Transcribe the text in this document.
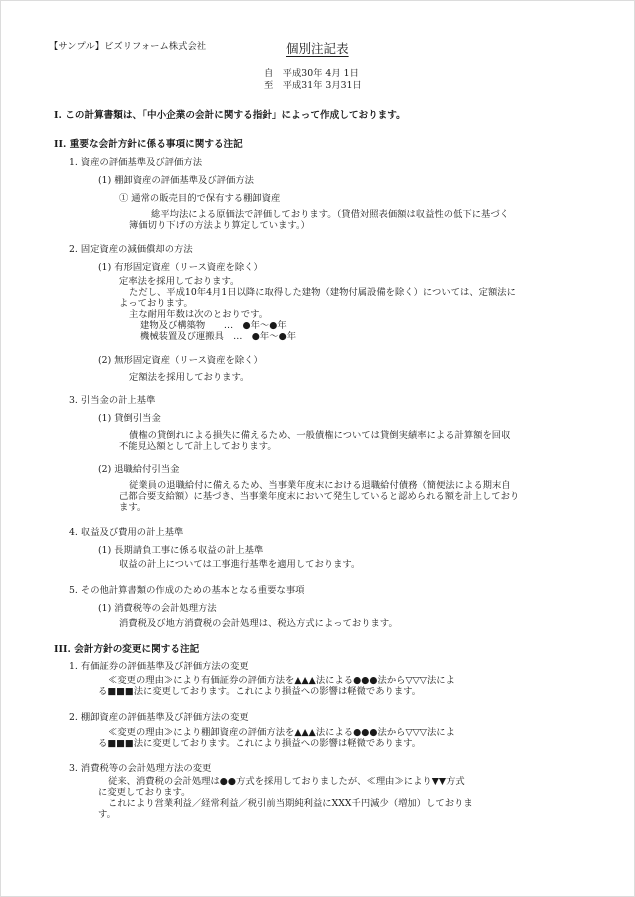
【サンプル】ビズリフォーム株式会社	個別注記表
自　平成30年 4月 1日
至　平成31年 3月31日
I. この計算書類は、「中小企業の会計に関する指針」によって作成しております。
II. 重要な会計方針に係る事項に関する注記
1. 資産の評価基準及び評価方法
(1) 棚卸資産の評価基準及び評価方法
① 通常の販売目的で保有する棚卸資産
総平均法による原価法で評価しております。（貸借対照表価額は収益性の低下に基づく
簿価切り下げの方法より算定しています。）
2. 固定資産の減価償却の方法
(1) 有形固定資産（リース資産を除く）
定率法を採用しております。
ただし、平成10年4月1日以降に取得した建物（建物付属設備を除く）については、定額法に
よっております。
主な耐用年数は次のとおりです。
建物及び構築物　　…　●年～●年
機械装置及び運搬具　…　●年～●年
(2) 無形固定資産（リース資産を除く）
定額法を採用しております。
3. 引当金の計上基準
(1) 貸倒引当金
債権の貸倒れによる損失に備えるため、一般債権については貸倒実績率による計算額を回収
不能見込額として計上しております。
(2) 退職給付引当金
従業員の退職給付に備えるため、当事業年度末における退職給付債務（簡便法による期末自
己都合要支給額）に基づき、当事業年度末において発生していると認められる額を計上しており
ます。
4. 収益及び費用の計上基準
(1) 長期請負工事に係る収益の計上基準
収益の計上については工事進行基準を適用しております。
5. その他計算書類の作成のための基本となる重要な事項
(1) 消費税等の会計処理方法
消費税及び地方消費税の会計処理は、税込方式によっております。
III. 会計方針の変更に関する注記
1. 有価証券の評価基準及び評価方法の変更
≪変更の理由≫により有価証券の評価方法を▲▲▲法による●●●法から▽▽▽法によ
る■■■法に変更しております。これにより損益への影響は軽微であります。
2. 棚卸資産の評価基準及び評価方法の変更
≪変更の理由≫により棚卸資産の評価方法を▲▲▲法による●●●法から▽▽▽法によ
る■■■法に変更しております。これにより損益への影響は軽微であります。
3. 消費税等の会計処理方法の変更
従来、消費税の会計処理は●●方式を採用しておりましたが、≪理由≫により▼▼方式
に変更しております。
これにより営業利益／経常利益／税引前当期純利益にXXX千円減少（増加）しておりま
す。
